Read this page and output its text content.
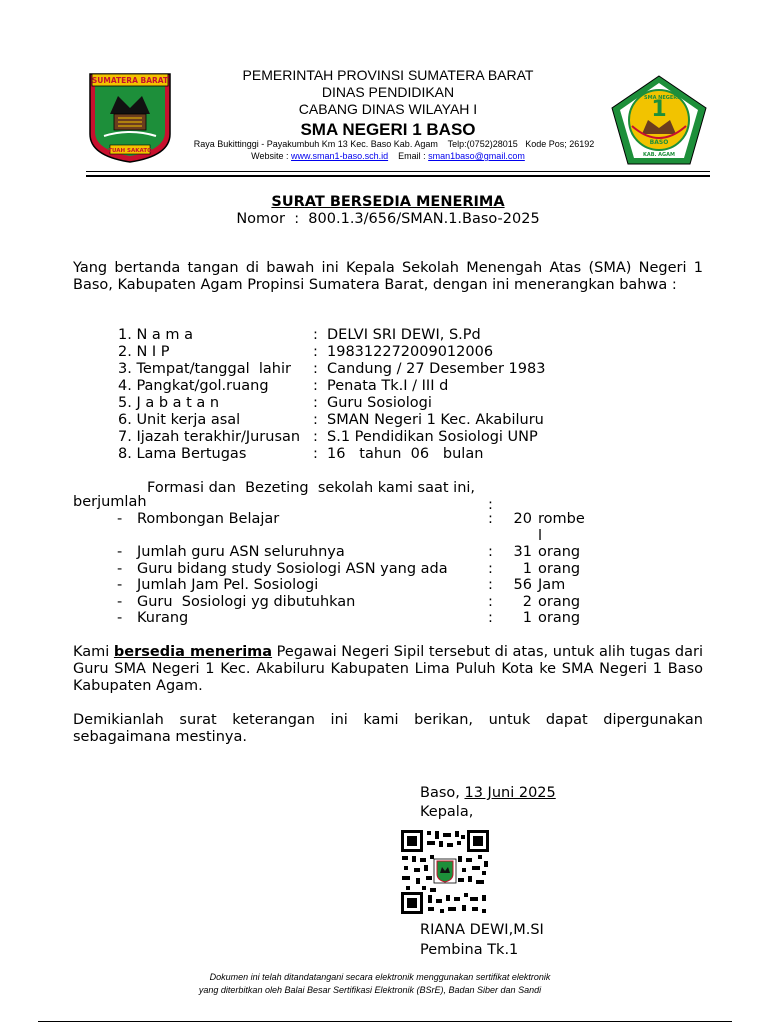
SUMATERA BARAT
TUAH SAKATO
PEMERINTAH PROVINSI SUMATERA BARAT
DINAS PENDIDIKAN
CABANG DINAS WILAYAH I
SMA NEGERI 1 BASO
Raya Bukittinggi - Payakumbuh Km 13 Kec. Baso Kab. Agam    Telp:(0752)28015   Kode Pos; 26192
Website : www.sman1-baso.sch.id Email : sman1baso@gmail.com
SMA NEGERI
1
BASO
KAB. AGAM
SURAT BERSEDIA MENERIMA
Nomor  :  800.1.3/656/SMAN.1.Baso-2025
Yang bertanda tangan di bawah ini Kepala Sekolah Menengah Atas (SMA) Negeri 1 Baso, Kabupaten Agam Propinsi Sumatera Barat, dengan ini menerangkan bahwa :
1. N a m a	:	DELVI SRI DEWI, S.Pd
2. N I P	:	198312272009012006
3. Tempat/tanggal  lahir	:	Candung / 27 Desember 1983
4. Pangkat/gol.ruang	:	Penata Tk.I / III d
5. J a b a t a n	:	Guru Sosiologi
6. Unit kerja asal	:	SMAN Negeri 1 Kec. Akabiluru
7. Ijazah terakhir/Jurusan	:	S.1 Pendidikan Sosiologi UNP
8. Lama Bertugas	:	16   tahun  06   bulan
Formasi dan  Bezeting  sekolah kami saat ini,
berjumlah	:
-	Rombongan Belajar	:	20	rombe l
-	Jumlah guru ASN seluruhnya	:	31	orang
-	Guru bidang study Sosiologi ASN yang ada	:	1	orang
-	Jumlah Jam Pel. Sosiologi	:	56	Jam
-	Guru  Sosiologi yg dibutuhkan	:	2	orang
-	Kurang	:	1	orang
Kami bersedia menerima Pegawai Negeri Sipil tersebut di atas, untuk alih tugas dari Guru SMA Negeri 1 Kec. Akabiluru Kabupaten Lima Puluh Kota ke SMA Negeri 1 Baso Kabupaten Agam.
Demikianlah surat keterangan ini kami berikan, untuk dapat dipergunakan sebagaimana mestinya.
Baso, 13 Juni 2025
Kepala,
RIANA DEWI,M.SI
Pembina Tk.1
Dokumen ini telah ditandatangani secara elektronik menggunakan sertifikat elektronik
yang diterbitkan oleh Balai Besar Sertifikasi Elektronik (BSrE), Badan Siber dan Sandi
